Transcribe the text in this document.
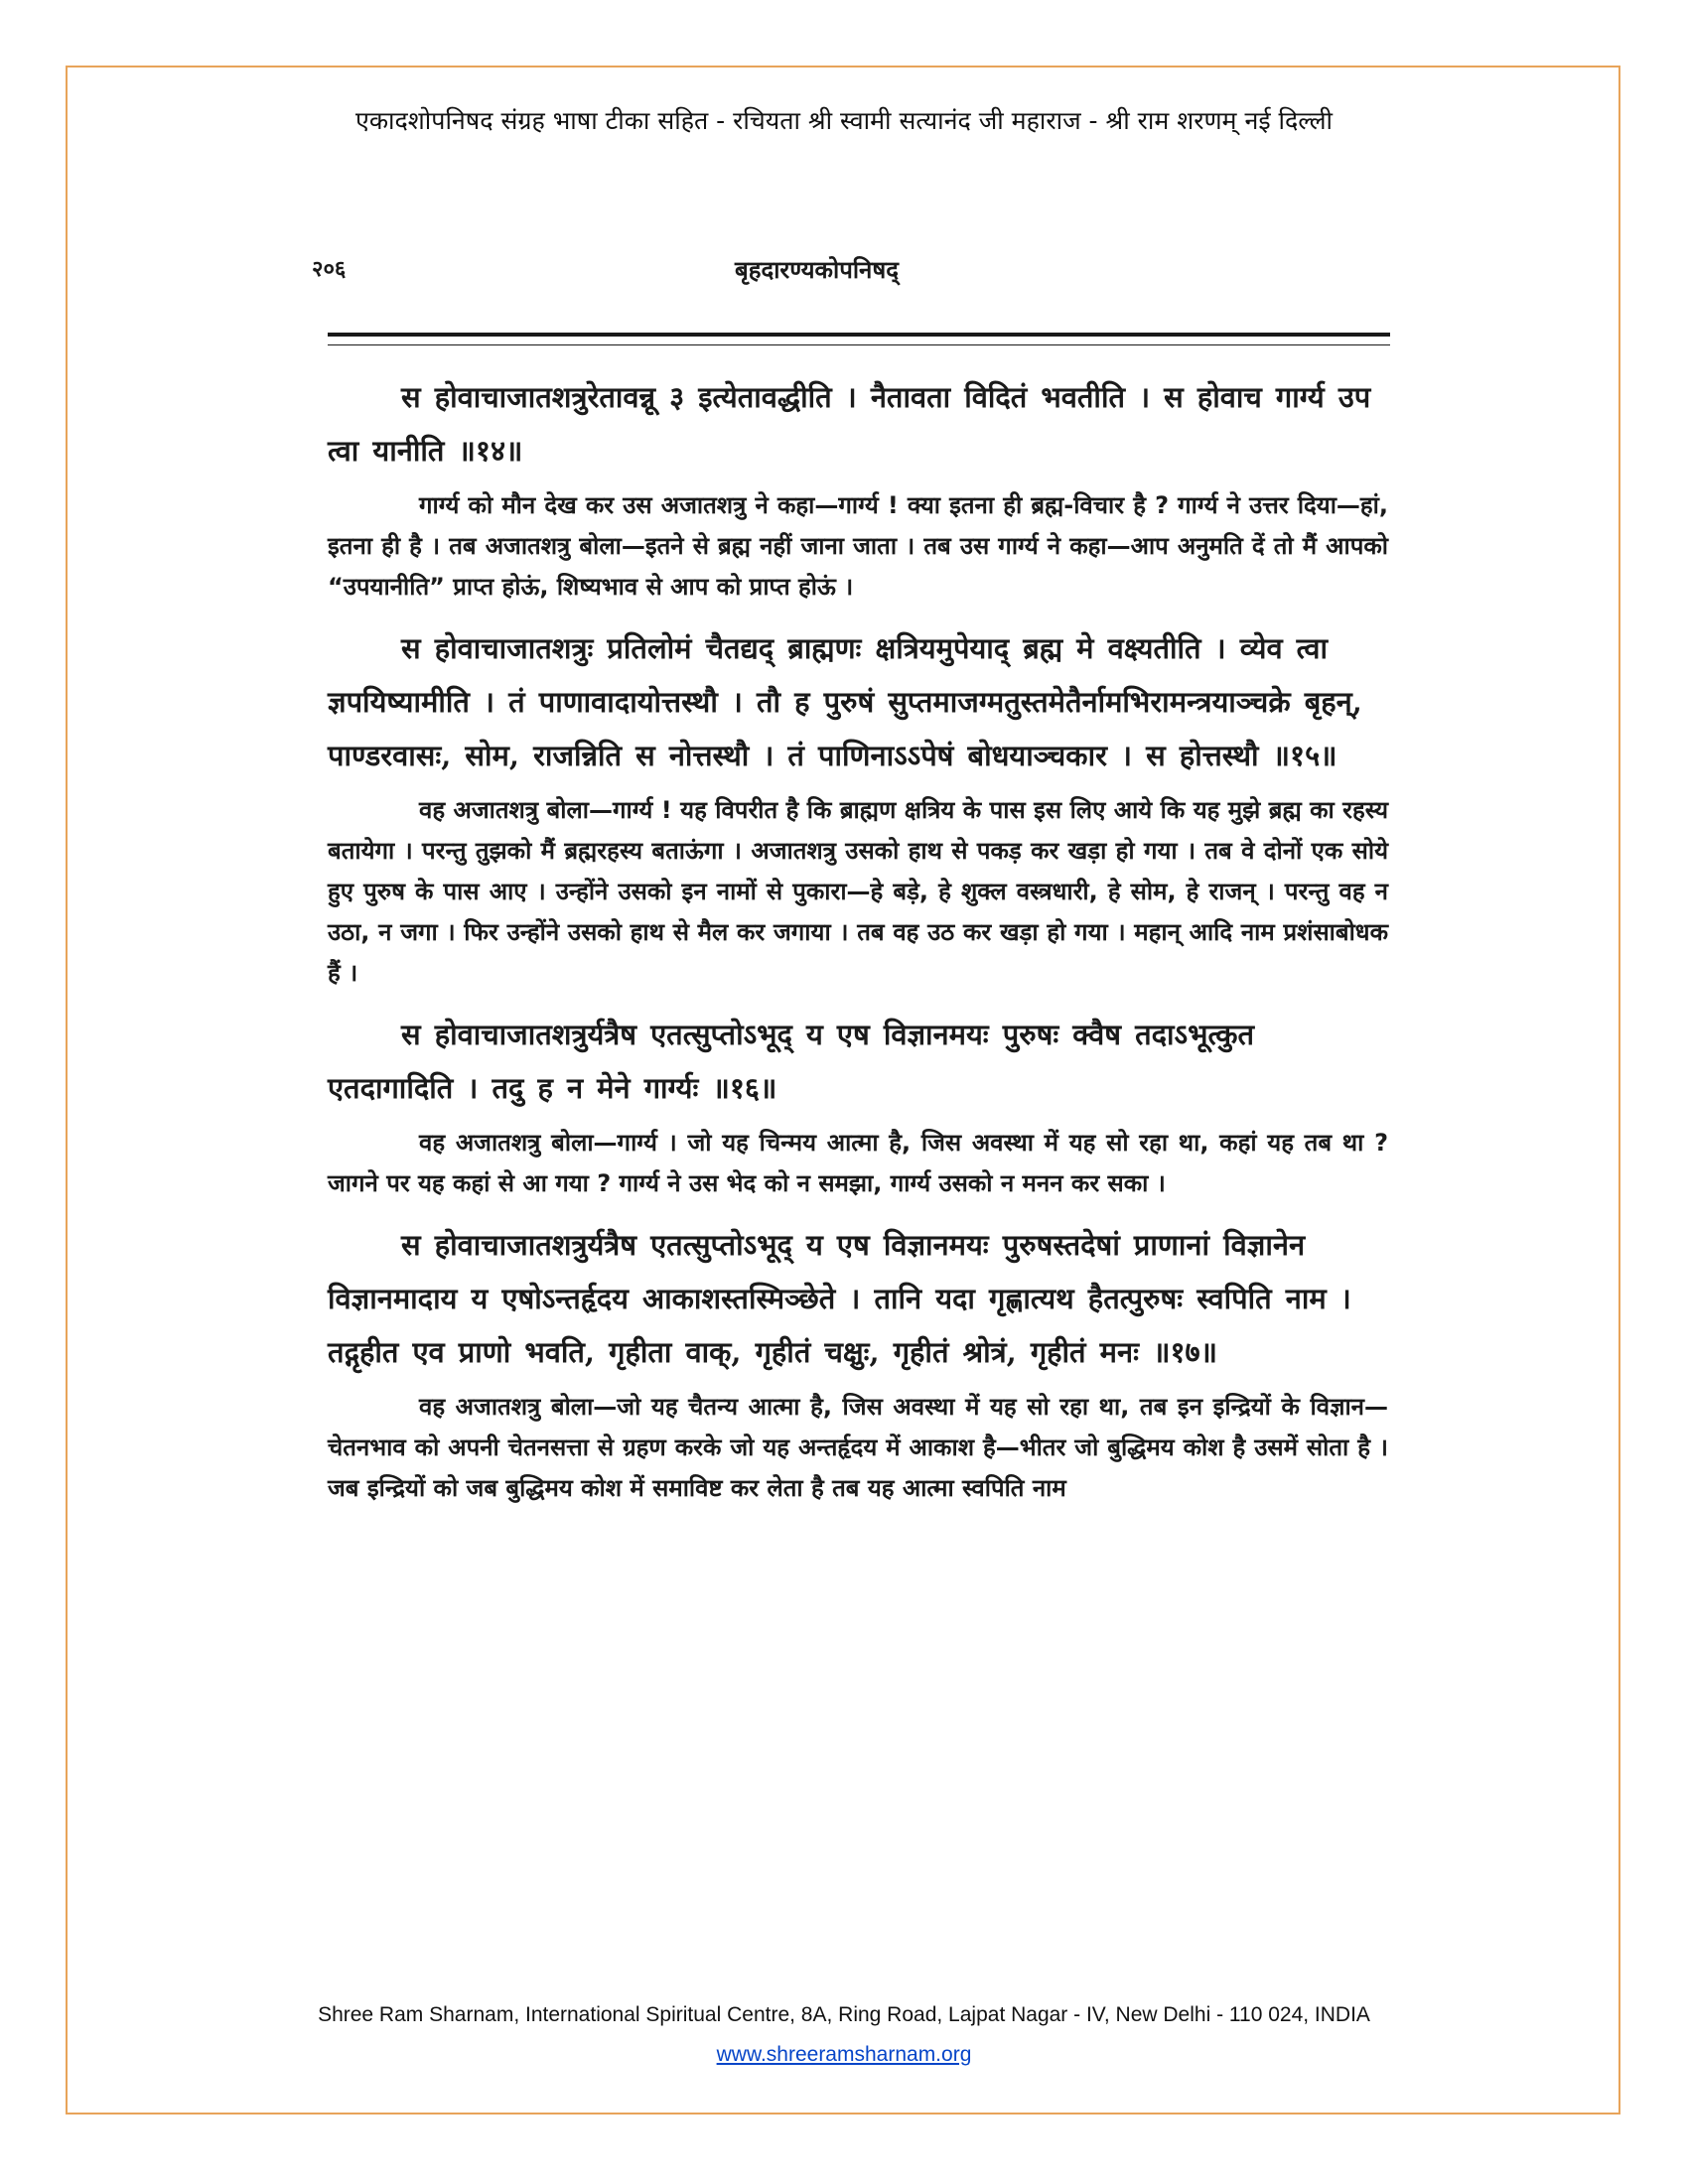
एकादशोपनिषद संग्रह भाषा टीका सहित - रचियता श्री स्वामी सत्यानंद जी महाराज - श्री राम शरणम् नई दिल्ली
२०६	बृहदारण्यकोपनिषद्

स होवाचाजातशत्रुरेतावन्नू ३ इत्येतावद्धीति । नैतावता विदितं भवतीति । स होवाच गार्ग्य उप त्वा यानीति ॥१४॥

गार्ग्य को मौन देख कर उस अजातशत्रु ने कहा—गार्ग्य ! क्या इतना ही ब्रह्म-विचार है ? गार्ग्य ने उत्तर दिया—हां, इतना ही है । तब अजातशत्रु बोला—इतने से ब्रह्म नहीं जाना जाता । तब उस गार्ग्य ने कहा—आप अनुमति दें तो मैं आपको “उपयानीति” प्राप्त होऊं, शिष्यभाव से आप को प्राप्त होऊं ।

स होवाचाजातशत्रुः प्रतिलोमं चैतद्यद् ब्राह्मणः क्षत्रियमुपेयाद् ब्रह्म मे वक्ष्यतीति । व्येव त्वा ज्ञपयिष्यामीति । तं पाणावादायोत्तस्थौ । तौ ह पुरुषं सुप्तमाजग्मतुस्तमेतैर्नामभिरामन्त्रयाञ्चक्रे बृहन्, पाण्डरवासः, सोम, राजन्निति स नोत्तस्थौ । तं पाणिनाऽऽपेषं बोधयाञ्चकार । स होत्तस्थौ ॥१५॥

वह अजातशत्रु बोला—गार्ग्य ! यह विपरीत है कि ब्राह्मण क्षत्रिय के पास इस लिए आये कि यह मुझे ब्रह्म का रहस्य बतायेगा । परन्तु तुझको मैं ब्रह्मरहस्य बताऊंगा । अजातशत्रु उसको हाथ से पकड़ कर खड़ा हो गया । तब वे दोनों एक सोये हुए पुरुष के पास आए । उन्होंने उसको इन नामों से पुकारा—हे बड़े, हे शुक्ल वस्त्रधारी, हे सोम, हे राजन् । परन्तु वह न उठा, न जगा । फिर उन्होंने उसको हाथ से मैल कर जगाया । तब वह उठ कर खड़ा हो गया । महान् आदि नाम प्रशंसाबोधक हैं ।

स होवाचाजातशत्रुर्यत्रैष एतत्सुप्तोऽभूद् य एष विज्ञानमयः पुरुषः क्वैष तदाऽभूत्कुत एतदागादिति । तदु ह न मेने गार्ग्यः ॥१६॥

वह अजातशत्रु बोला—गार्ग्य । जो यह चिन्मय आत्मा है, जिस अवस्था में यह सो रहा था, कहां यह तब था ? जागने पर यह कहां से आ गया ? गार्ग्य ने उस भेद को न समझा, गार्ग्य उसको न मनन कर सका ।

स होवाचाजातशत्रुर्यत्रैष एतत्सुप्तोऽभूद् य एष विज्ञानमयः पुरुषस्तदेषां प्राणानां विज्ञानेन विज्ञानमादाय य एषोऽन्तर्हृदय आकाशस्तस्मिञ्छेते । तानि यदा गृह्णात्यथ हैतत्पुरुषः स्वपिति नाम । तद्गृहीत एव प्राणो भवति, गृहीता वाक्, गृहीतं चक्षुः, गृहीतं श्रोत्रं, गृहीतं मनः ॥१७॥

वह अजातशत्रु बोला—जो यह चैतन्य आत्मा है, जिस अवस्था में यह सो रहा था, तब इन इन्द्रियों के विज्ञान—चेतनभाव को अपनी चेतनसत्ता से ग्रहण करके जो यह अन्तर्हृदय में आकाश है—भीतर जो बुद्धिमय कोश है उसमें सोता है । जब इन्द्रियों को जब बुद्धिमय कोश में समाविष्ट कर लेता है तब यह आत्मा स्वपिति नाम

Shree Ram Sharnam, International Spiritual Centre, 8A, Ring Road, Lajpat Nagar - IV, New Delhi - 110 024, INDIA
www.shreeramsharnam.org
